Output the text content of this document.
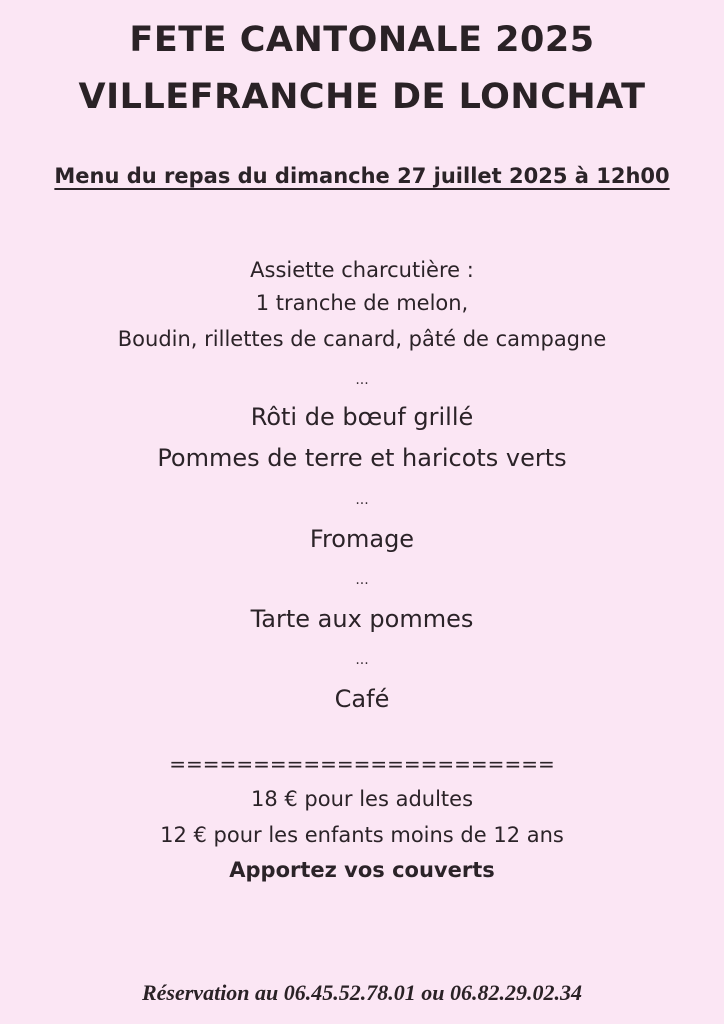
FETE CANTONALE 2025
VILLEFRANCHE DE LONCHAT
Menu du repas du dimanche 27 juillet 2025 à 12h00
Assiette charcutière :
1 tranche de melon,
Boudin, rillettes de canard, pâté de campagne
...
Rôti de bœuf grillé
Pommes de terre et haricots verts
...
Fromage
...
Tarte aux pommes
...
Café
=======================
18 € pour les adultes
12 € pour les enfants moins de 12 ans
Apportez vos couverts
Réservation au 06.45.52.78.01 ou 06.82.29.02.34
